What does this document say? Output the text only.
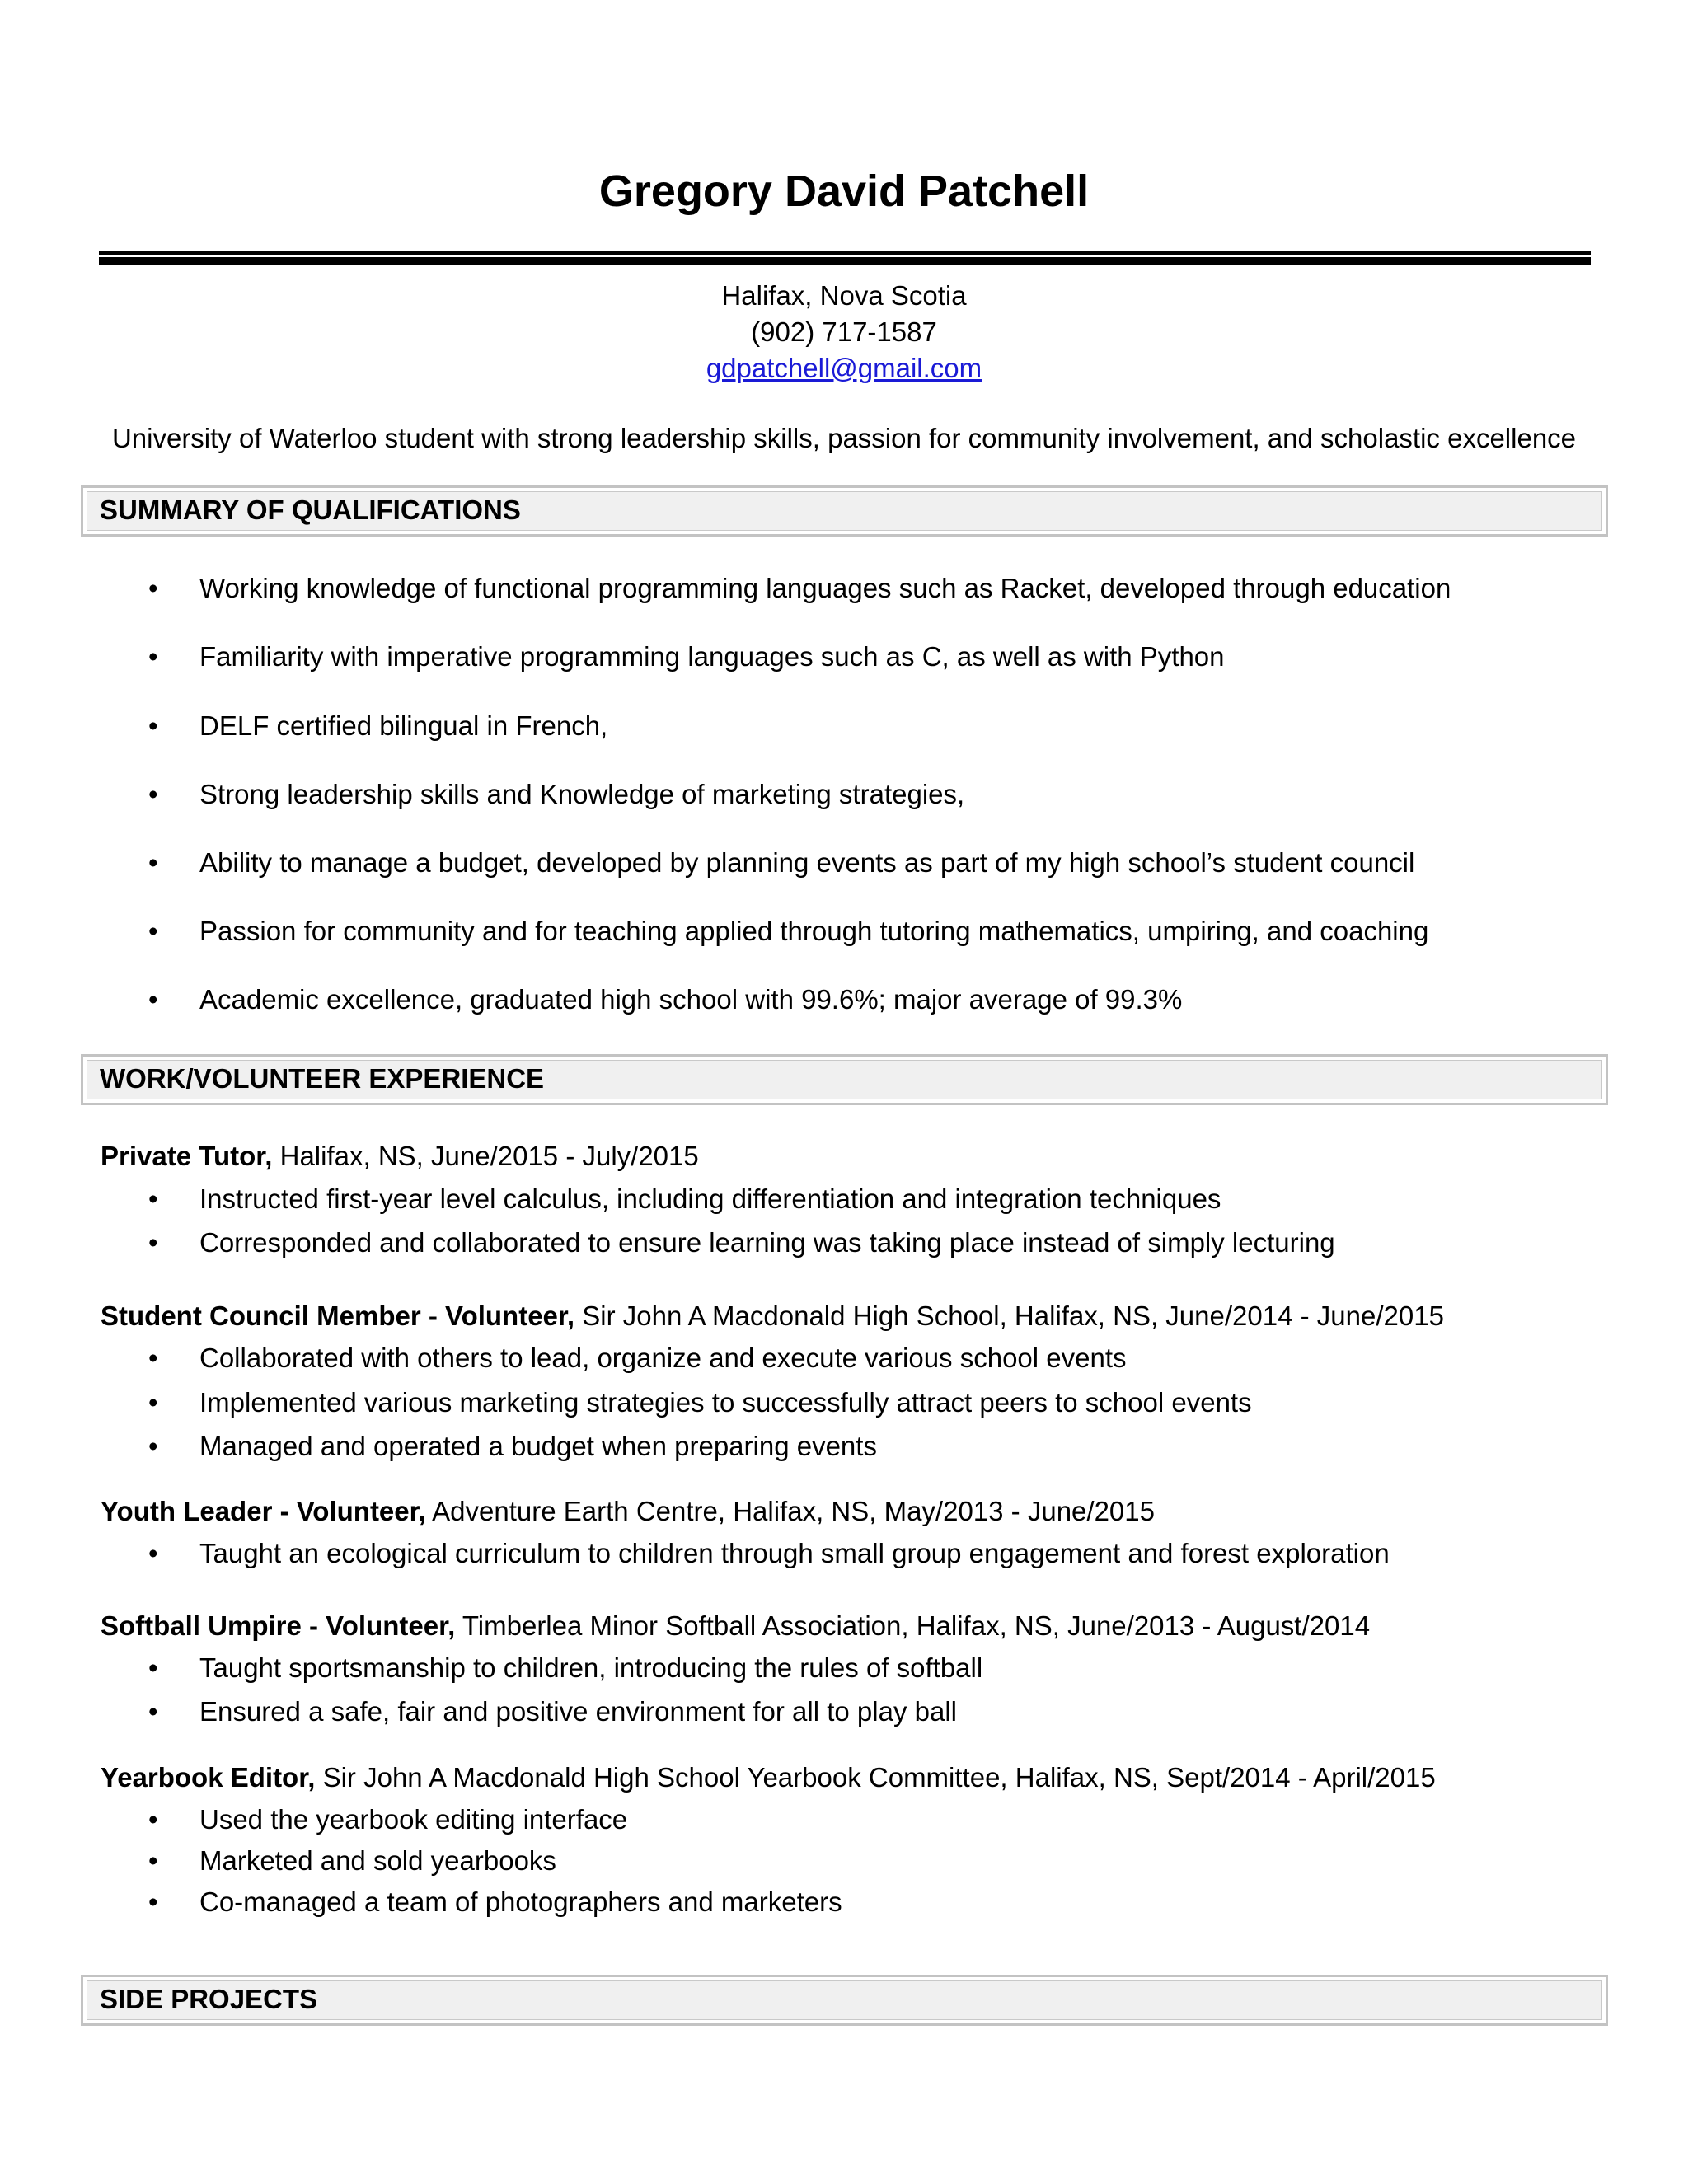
Gregory David Patchell
Halifax, Nova Scotia
(902) 717-1587
gdpatchell@gmail.com
University of Waterloo student with strong leadership skills, passion for community involvement, and scholastic excellence
SUMMARY OF QUALIFICATIONS
• Working knowledge of functional programming languages such as Racket, developed through education
• Familiarity with imperative programming languages such as C, as well as with Python
• DELF certified bilingual in French,
• Strong leadership skills and Knowledge of marketing strategies,
• Ability to manage a budget, developed by planning events as part of my high school’s student council
• Passion for community and for teaching applied through tutoring mathematics, umpiring, and coaching
• Academic excellence, graduated high school with 99.6%; major average of 99.3%
WORK/VOLUNTEER EXPERIENCE
Private Tutor, Halifax, NS, June/2015 - July/2015
• Instructed first-year level calculus, including differentiation and integration techniques
• Corresponded and collaborated to ensure learning was taking place instead of simply lecturing
Student Council Member - Volunteer, Sir John A Macdonald High School, Halifax, NS, June/2014 - June/2015
• Collaborated with others to lead, organize and execute various school events
• Implemented various marketing strategies to successfully attract peers to school events
• Managed and operated a budget when preparing events
Youth Leader - Volunteer, Adventure Earth Centre, Halifax, NS, May/2013 - June/2015
• Taught an ecological curriculum to children through small group engagement and forest exploration
Softball Umpire - Volunteer, Timberlea Minor Softball Association, Halifax, NS, June/2013 - August/2014
• Taught sportsmanship to children, introducing the rules of softball
• Ensured a safe, fair and positive environment for all to play ball
Yearbook Editor, Sir John A Macdonald High School Yearbook Committee, Halifax, NS, Sept/2014 - April/2015
• Used the yearbook editing interface
• Marketed and sold yearbooks
• Co-managed a team of photographers and marketers
SIDE PROJECTS
